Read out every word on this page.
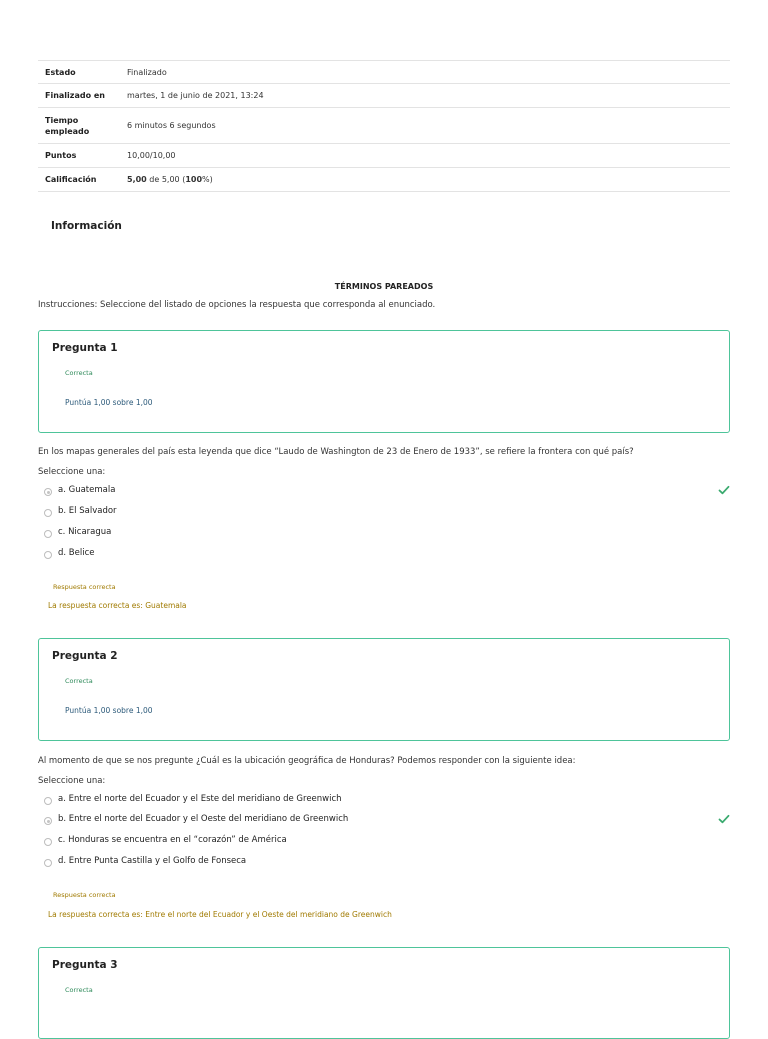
Estado	Finalizado
Finalizado en	martes, 1 de junio de 2021, 13:24

Tiempo
empleado	6 minutos 6 segundos
Puntos	10,00/10,00
Calificación	5,00 de 5,00 (100%)
Información
TÉRMINOS PAREADOS
Instrucciones: Seleccione del listado de opciones la respuesta que corresponda al enunciado.
Pregunta 1
Correcta
Puntúa 1,00 sobre 1,00
En los mapas generales del país esta leyenda que dice “Laudo de Washington de 23 de Enero de 1933”, se refiere la frontera con qué país?
Seleccione una:
a. Guatemala
b. El Salvador
c. Nicaragua
d. Belice
Respuesta correcta
La respuesta correcta es: Guatemala
Pregunta 2
Correcta
Puntúa 1,00 sobre 1,00
Al momento de que se nos pregunte ¿Cuál es la ubicación geográfica de Honduras? Podemos responder con la siguiente idea:
Seleccione una:
a. Entre el norte del Ecuador y el Este del meridiano de Greenwich
b. Entre el norte del Ecuador y el Oeste del meridiano de Greenwich
c. Honduras se encuentra en el “corazón” de América
d. Entre Punta Castilla y el Golfo de Fonseca
Respuesta correcta
La respuesta correcta es: Entre el norte del Ecuador y el Oeste del meridiano de Greenwich
Pregunta 3
Correcta
